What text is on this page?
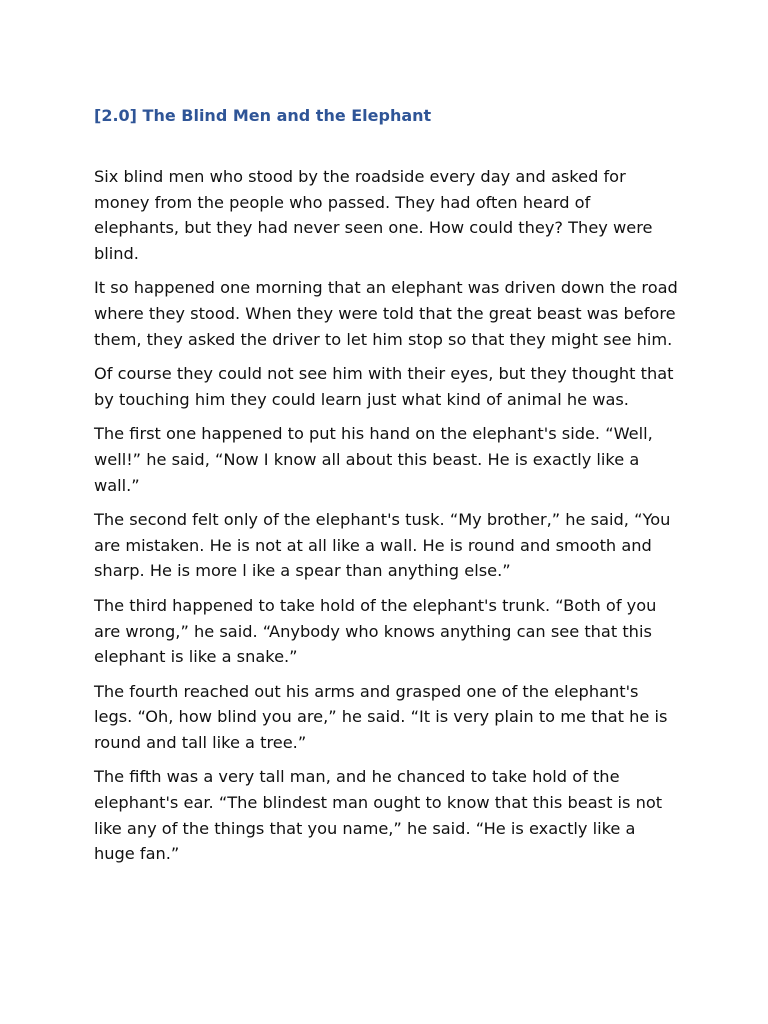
[2.0] The Blind Men and the Elephant

Six blind men who stood by the roadside every day and asked for money from the people who passed. They had often heard of elephants, but they had never seen one. How could they? They were blind.

It so happened one morning that an elephant was driven down the road where they stood. When they were told that the great beast was before them, they asked the driver to let him stop so that they might see him.

Of course they could not see him with their eyes, but they thought that by touching him they could learn just what kind of animal he was.

The first one happened to put his hand on the elephant's side. “Well, well!” he said, “Now I know all about this beast. He is exactly like a wall.”

The second felt only of the elephant's tusk. “My brother,” he said, “You are mistaken. He is not at all like a wall. He is round and smooth and sharp. He is more l ike a spear than anything else.”

The third happened to take hold of the elephant's trunk. “Both of you are wrong,” he said. “Anybody who knows anything can see that this elephant is like a snake.”

The fourth reached out his arms and grasped one of the elephant's legs. “Oh, how blind you are,” he said. “It is very plain to me that he is round and tall like a tree.”

The fifth was a very tall man, and he chanced to take hold of the elephant's ear. “The blindest man ought to know that this beast is not like any of the things that you name,” he said. “He is exactly like a huge fan.”
